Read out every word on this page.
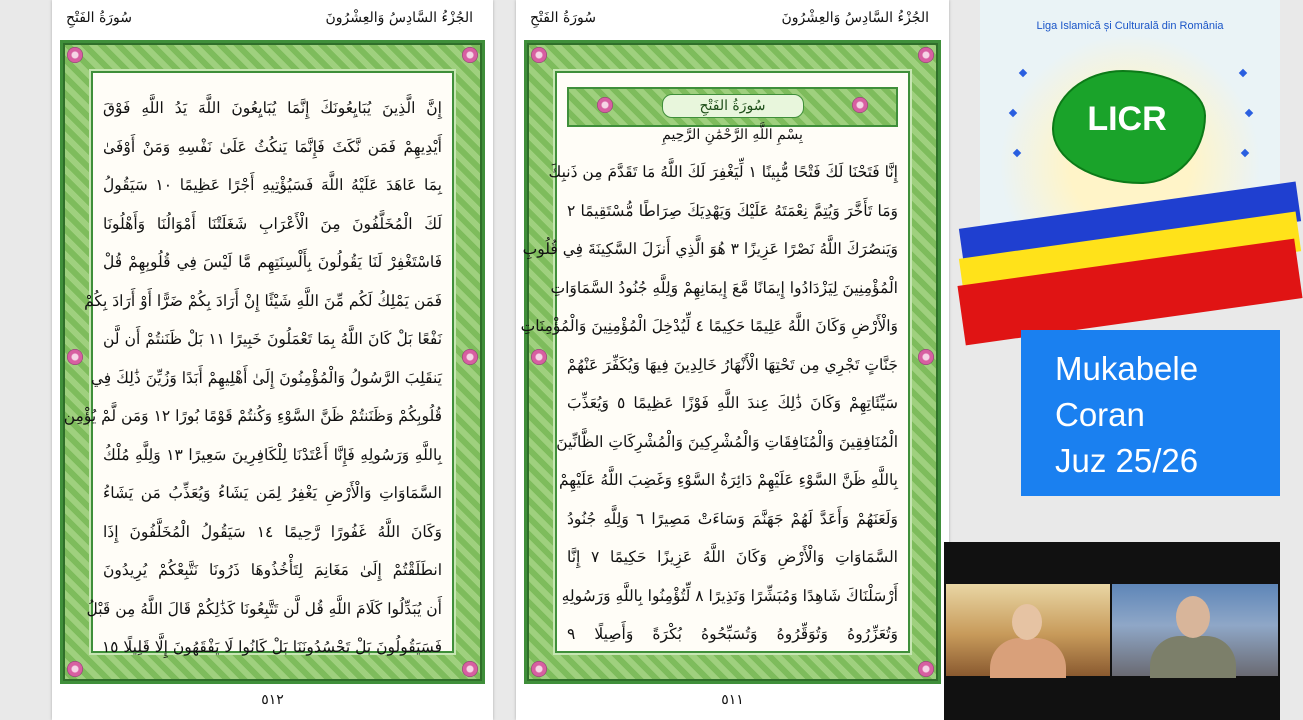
الجُزْءُ السَّادِسُ وَالعِشْرُونَ
سُورَةُ الفَتْحِ
إِنَّ الَّذِينَ يُبَايِعُونَكَ إِنَّمَا يُبَايِعُونَ اللَّهَ يَدُ اللَّهِ فَوْقَ
أَيْدِيهِمْ فَمَن نَّكَثَ فَإِنَّمَا يَنكُثُ عَلَىٰ نَفْسِهِ وَمَنْ أَوْفَىٰ
بِمَا عَاهَدَ عَلَيْهُ اللَّهَ فَسَيُؤْتِيهِ أَجْرًا عَظِيمًا ١٠ سَيَقُولُ
لَكَ الْمُخَلَّفُونَ مِنَ الْأَعْرَابِ شَغَلَتْنَا أَمْوَالُنَا وَأَهْلُونَا
فَاسْتَغْفِرْ لَنَا يَقُولُونَ بِأَلْسِنَتِهِم مَّا لَيْسَ فِي قُلُوبِهِمْ قُلْ
فَمَن يَمْلِكُ لَكُم مِّنَ اللَّهِ شَيْئًا إِنْ أَرَادَ بِكُمْ ضَرًّا أَوْ أَرَادَ بِكُمْ
نَفْعًا بَلْ كَانَ اللَّهُ بِمَا تَعْمَلُونَ خَبِيرًا ١١ بَلْ ظَنَنتُمْ أَن لَّن
يَنقَلِبَ الرَّسُولُ وَالْمُؤْمِنُونَ إِلَىٰ أَهْلِيهِمْ أَبَدًا وَزُيِّنَ ذَٰلِكَ فِي
قُلُوبِكُمْ وَظَنَنتُمْ ظَنَّ السَّوْءِ وَكُنتُمْ قَوْمًا بُورًا ١٢ وَمَن لَّمْ يُؤْمِن
بِاللَّهِ وَرَسُولِهِ فَإِنَّا أَعْتَدْنَا لِلْكَافِرِينَ سَعِيرًا ١٣ وَلِلَّهِ مُلْكُ
السَّمَاوَاتِ وَالْأَرْضِ يَغْفِرُ لِمَن يَشَاءُ وَيُعَذِّبُ مَن يَشَاءُ
وَكَانَ اللَّهُ غَفُورًا رَّحِيمًا ١٤ سَيَقُولُ الْمُخَلَّفُونَ إِذَا
انطَلَقْتُمْ إِلَىٰ مَغَانِمَ لِتَأْخُذُوهَا ذَرُونَا نَتَّبِعْكُمْ يُرِيدُونَ
أَن يُبَدِّلُوا كَلَامَ اللَّهِ قُل لَّن تَتَّبِعُونَا كَذَٰلِكُمْ قَالَ اللَّهُ مِن قَبْلُ
فَسَيَقُولُونَ بَلْ تَحْسُدُونَنَا بَلْ كَانُوا لَا يَفْقَهُونَ إِلَّا قَلِيلًا ١٥
٥١٢
الجُزْءُ السَّادِسُ وَالعِشْرُونَ
سُورَةُ الفَتْحِ
سُورَةُ الفَتْحِ
بِسْمِ اللَّهِ الرَّحْمَٰنِ الرَّحِيمِ
إِنَّا فَتَحْنَا لَكَ فَتْحًا مُّبِينًا ١ لِّيَغْفِرَ لَكَ اللَّهُ مَا تَقَدَّمَ مِن ذَنبِكَ
وَمَا تَأَخَّرَ وَيُتِمَّ نِعْمَتَهُ عَلَيْكَ وَيَهْدِيَكَ صِرَاطًا مُّسْتَقِيمًا ٢
وَيَنصُرَكَ اللَّهُ نَصْرًا عَزِيزًا ٣ هُوَ الَّذِي أَنزَلَ السَّكِينَةَ فِي قُلُوبِ
الْمُؤْمِنِينَ لِيَزْدَادُوا إِيمَانًا مَّعَ إِيمَانِهِمْ وَلِلَّهِ جُنُودُ السَّمَاوَاتِ
وَالْأَرْضِ وَكَانَ اللَّهُ عَلِيمًا حَكِيمًا ٤ لِّيُدْخِلَ الْمُؤْمِنِينَ وَالْمُؤْمِنَاتِ
جَنَّاتٍ تَجْرِي مِن تَحْتِهَا الْأَنْهَارُ خَالِدِينَ فِيهَا وَيُكَفِّرَ عَنْهُمْ
سَيِّئَاتِهِمْ وَكَانَ ذَٰلِكَ عِندَ اللَّهِ فَوْزًا عَظِيمًا ٥ وَيُعَذِّبَ
الْمُنَافِقِينَ وَالْمُنَافِقَاتِ وَالْمُشْرِكِينَ وَالْمُشْرِكَاتِ الظَّانِّينَ
بِاللَّهِ ظَنَّ السَّوْءِ عَلَيْهِمْ دَائِرَةُ السَّوْءِ وَغَضِبَ اللَّهُ عَلَيْهِمْ
وَلَعَنَهُمْ وَأَعَدَّ لَهُمْ جَهَنَّمَ وَسَاءَتْ مَصِيرًا ٦ وَلِلَّهِ جُنُودُ
السَّمَاوَاتِ وَالْأَرْضِ وَكَانَ اللَّهُ عَزِيزًا حَكِيمًا ٧ إِنَّا
أَرْسَلْنَاكَ شَاهِدًا وَمُبَشِّرًا وَنَذِيرًا ٨ لِّتُؤْمِنُوا بِاللَّهِ وَرَسُولِهِ
وَتُعَزِّرُوهُ وَتُوَقِّرُوهُ وَتُسَبِّحُوهُ بُكْرَةً وَأَصِيلًا ٩
٥١١
Liga Islamică și Culturală din România
LICR
Mukabele
Coran
Juz 25/26
